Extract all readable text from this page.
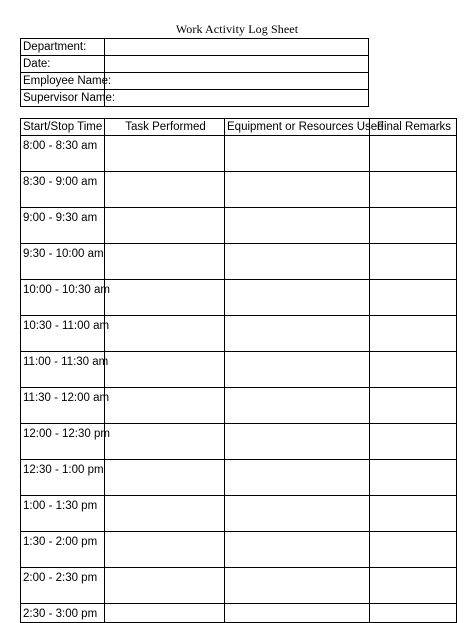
Work Activity Log Sheet
Department:	
Date:	
Employee Name:	
Supervisor Name:	
Start/Stop Time	Task Performed	Equipment or Resources Used	Final Remarks
8:00 - 8:30 am			
8:30 - 9:00 am			
9:00 - 9:30 am			
9:30 - 10:00 am			
10:00 - 10:30 am			
10:30 - 11:00 am			
11:00 - 11:30 am			
11:30 - 12:00 am			
12:00 - 12:30 pm			
12:30 - 1:00 pm			
1:00 - 1:30 pm			
1:30 - 2:00 pm			
2:00 - 2:30 pm			
2:30 - 3:00 pm			
